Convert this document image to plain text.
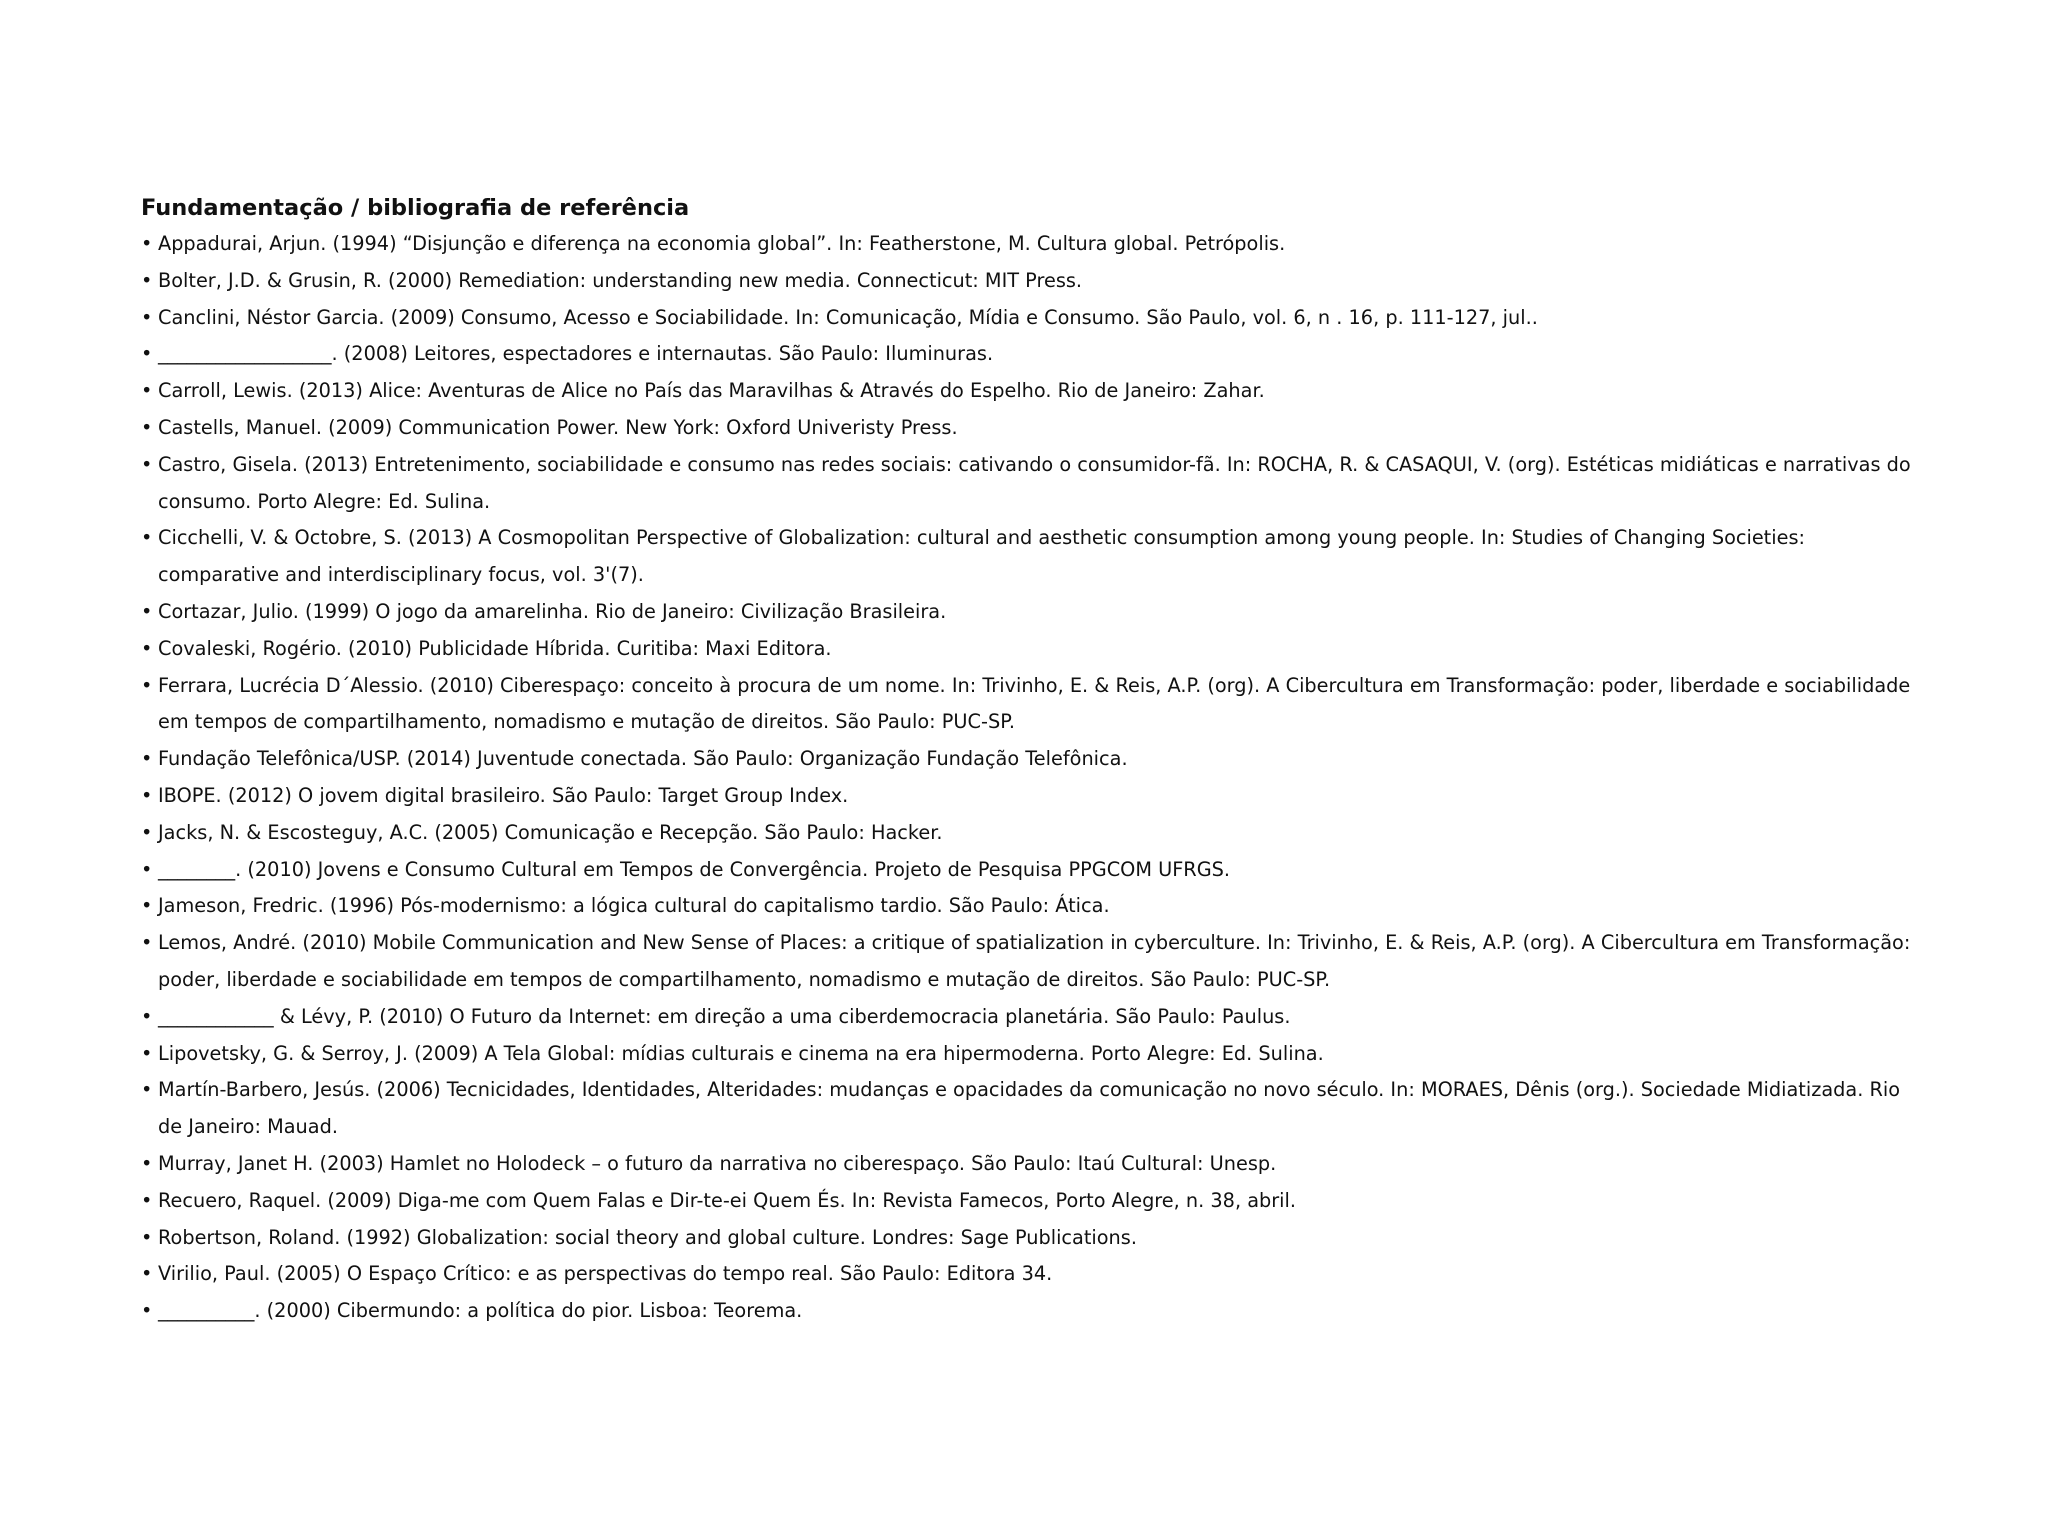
Fundamentação / bibliografia de referência
• Appadurai, Arjun. (1994) “Disjunção e diferença na economia global”. In: Featherstone, M. Cultura global. Petrópolis.
• Bolter, J.D. & Grusin, R. (2000) Remediation: understanding new media. Connecticut: MIT Press.
• Canclini, Néstor Garcia. (2009) Consumo, Acesso e Sociabilidade. In: Comunicação, Mídia e Consumo. São Paulo, vol. 6, n . 16, p. 111-127, jul..
• __________________. (2008) Leitores, espectadores e internautas. São Paulo: Iluminuras.
• Carroll, Lewis. (2013) Alice: Aventuras de Alice no País das Maravilhas & Através do Espelho. Rio de Janeiro: Zahar.
• Castells, Manuel. (2009) Communication Power. New York: Oxford Univeristy Press.
• Castro, Gisela. (2013) Entretenimento, sociabilidade e consumo nas redes sociais: cativando o consumidor-fã. In: ROCHA, R. & CASAQUI, V. (org). Estéticas midiáticas e narrativas do consumo. Porto Alegre: Ed. Sulina.
• Cicchelli, V. & Octobre, S. (2013) A Cosmopolitan Perspective of Globalization: cultural and aesthetic consumption among young people. In: Studies of Changing Societies: comparative and interdisciplinary focus, vol. 3'(7).
• Cortazar, Julio. (1999) O jogo da amarelinha. Rio de Janeiro: Civilização Brasileira.
• Covaleski, Rogério. (2010) Publicidade Híbrida. Curitiba: Maxi Editora.
• Ferrara, Lucrécia D´Alessio. (2010) Ciberespaço: conceito à procura de um nome. In: Trivinho, E. & Reis, A.P. (org). A Cibercultura em Transformação: poder, liberdade e sociabilidade em tempos de compartilhamento, nomadismo e mutação de direitos. São Paulo: PUC-SP.
• Fundação Telefônica/USP. (2014) Juventude conectada. São Paulo: Organização Fundação Telefônica.
• IBOPE. (2012) O jovem digital brasileiro. São Paulo: Target Group Index.
• Jacks, N. & Escosteguy, A.C. (2005) Comunicação e Recepção. São Paulo: Hacker.
• ________. (2010) Jovens e Consumo Cultural em Tempos de Convergência. Projeto de Pesquisa PPGCOM UFRGS.
• Jameson, Fredric. (1996) Pós-modernismo: a lógica cultural do capitalismo tardio. São Paulo: Ática.
• Lemos, André. (2010) Mobile Communication and New Sense of Places: a critique of spatialization in cyberculture. In: Trivinho, E. & Reis, A.P. (org). A Cibercultura em Transformação: poder, liberdade e sociabilidade em tempos de compartilhamento, nomadismo e mutação de direitos. São Paulo: PUC-SP.
• ____________ & Lévy, P. (2010) O Futuro da Internet: em direção a uma ciberdemocracia planetária. São Paulo: Paulus.
• Lipovetsky, G. & Serroy, J. (2009) A Tela Global: mídias culturais e cinema na era hipermoderna. Porto Alegre: Ed. Sulina.
• Martín-Barbero, Jesús. (2006) Tecnicidades, Identidades, Alteridades: mudanças e opacidades da comunicação no novo século. In: MORAES, Dênis (org.). Sociedade Midiatizada. Rio de Janeiro: Mauad.
• Murray, Janet H. (2003) Hamlet no Holodeck – o futuro da narrativa no ciberespaço. São Paulo: Itaú Cultural: Unesp.
• Recuero, Raquel. (2009) Diga-me com Quem Falas e Dir-te-ei Quem És. In: Revista Famecos, Porto Alegre, n. 38, abril.
• Robertson, Roland. (1992) Globalization: social theory and global culture. Londres: Sage Publications.
• Virilio, Paul. (2005) O Espaço Crítico: e as perspectivas do tempo real. São Paulo: Editora 34.
• __________. (2000) Cibermundo: a política do pior. Lisboa: Teorema.
